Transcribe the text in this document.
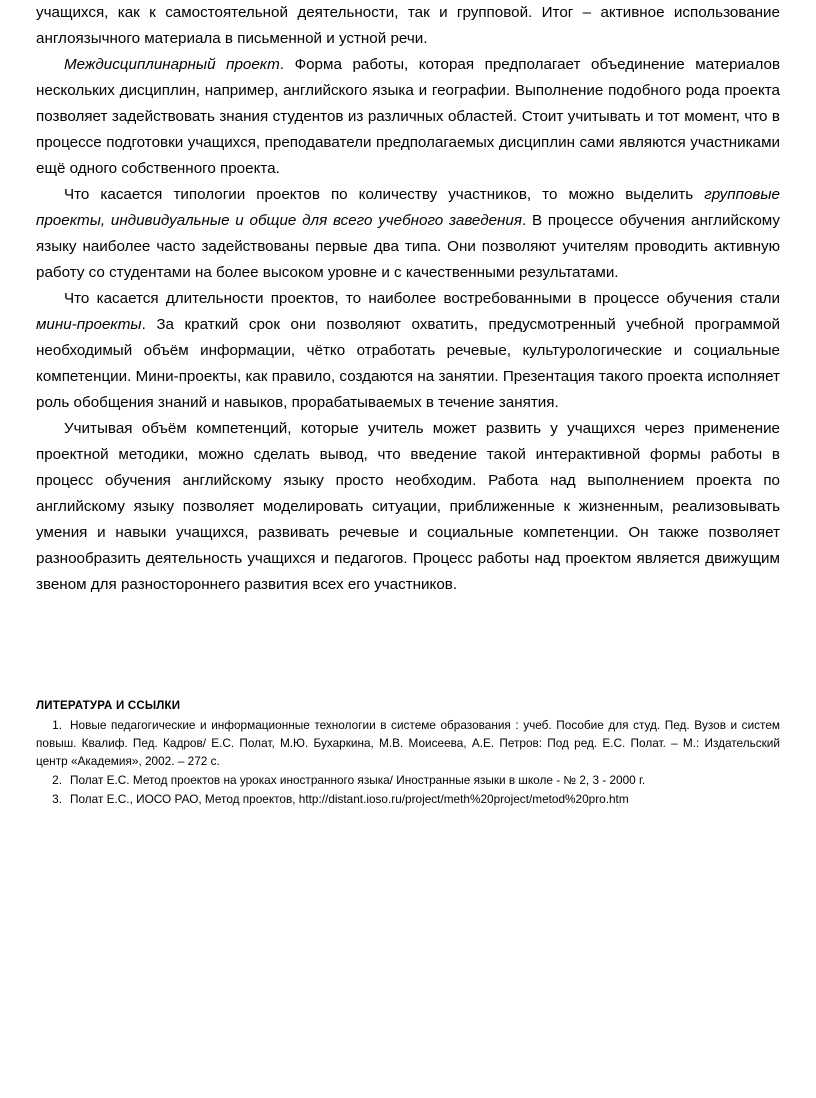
учащихся, как к самостоятельной деятельности, так и групповой. Итог – активное использование англоязычного материала в письменной и устной речи.

Междисциплинарный проект. Форма работы, которая предполагает объединение материалов нескольких дисциплин, например, английского языка и географии. Выполнение подобного рода проекта позволяет задействовать знания студентов из различных областей. Стоит учитывать и тот момент, что в процессе подготовки учащихся, преподаватели предполагаемых дисциплин сами являются участниками ещё одного собственного проекта.

Что касается типологии проектов по количеству участников, то можно выделить групповые проекты, индивидуальные и общие для всего учебного заведения. В процессе обучения английскому языку наиболее часто задействованы первые два типа. Они позволяют учителям проводить активную работу со студентами на более высоком уровне и с качественными результатами.

Что касается длительности проектов, то наиболее востребованными в процессе обучения стали мини-проекты. За краткий срок они позволяют охватить, предусмотренный учебной программой необходимый объём информации, чётко отработать речевые, культурологические и социальные компетенции. Мини-проекты, как правило, создаются на занятии. Презентация такого проекта исполняет роль обобщения знаний и навыков, прорабатываемых в течение занятия.

Учитывая объём компетенций, которые учитель может развить у учащихся через применение проектной методики, можно сделать вывод, что введение такой интерактивной формы работы в процесс обучения английскому языку просто необходим. Работа над выполнением проекта по английскому языку позволяет моделировать ситуации, приближенные к жизненным, реализовывать умения и навыки учащихся, развивать речевые и социальные компетенции. Он также позволяет разнообразить деятельность учащихся и педагогов. Процесс работы над проектом является движущим звеном для разностороннего развития всех его участников.

ЛИТЕРАТУРА И ССЫЛКИ

1. Новые педагогические и информационные технологии в системе образования : учеб. Пособие для студ. Пед. Вузов и систем повыш. Квалиф. Пед. Кадров/ Е.С. Полат, М.Ю. Бухаркина, М.В. Моисеева, А.Е. Петров: Под ред. Е.С. Полат. – М.: Издательский центр «Академия», 2002. – 272 с.

2. Полат Е.С. Метод проектов на уроках иностранного языка/ Иностранные языки в школе - № 2, 3 - 2000 г.

3. Полат Е.С., ИОСО РАО, Метод проектов, http://distant.ioso.ru/project/meth%20project/metod%20pro.htm
